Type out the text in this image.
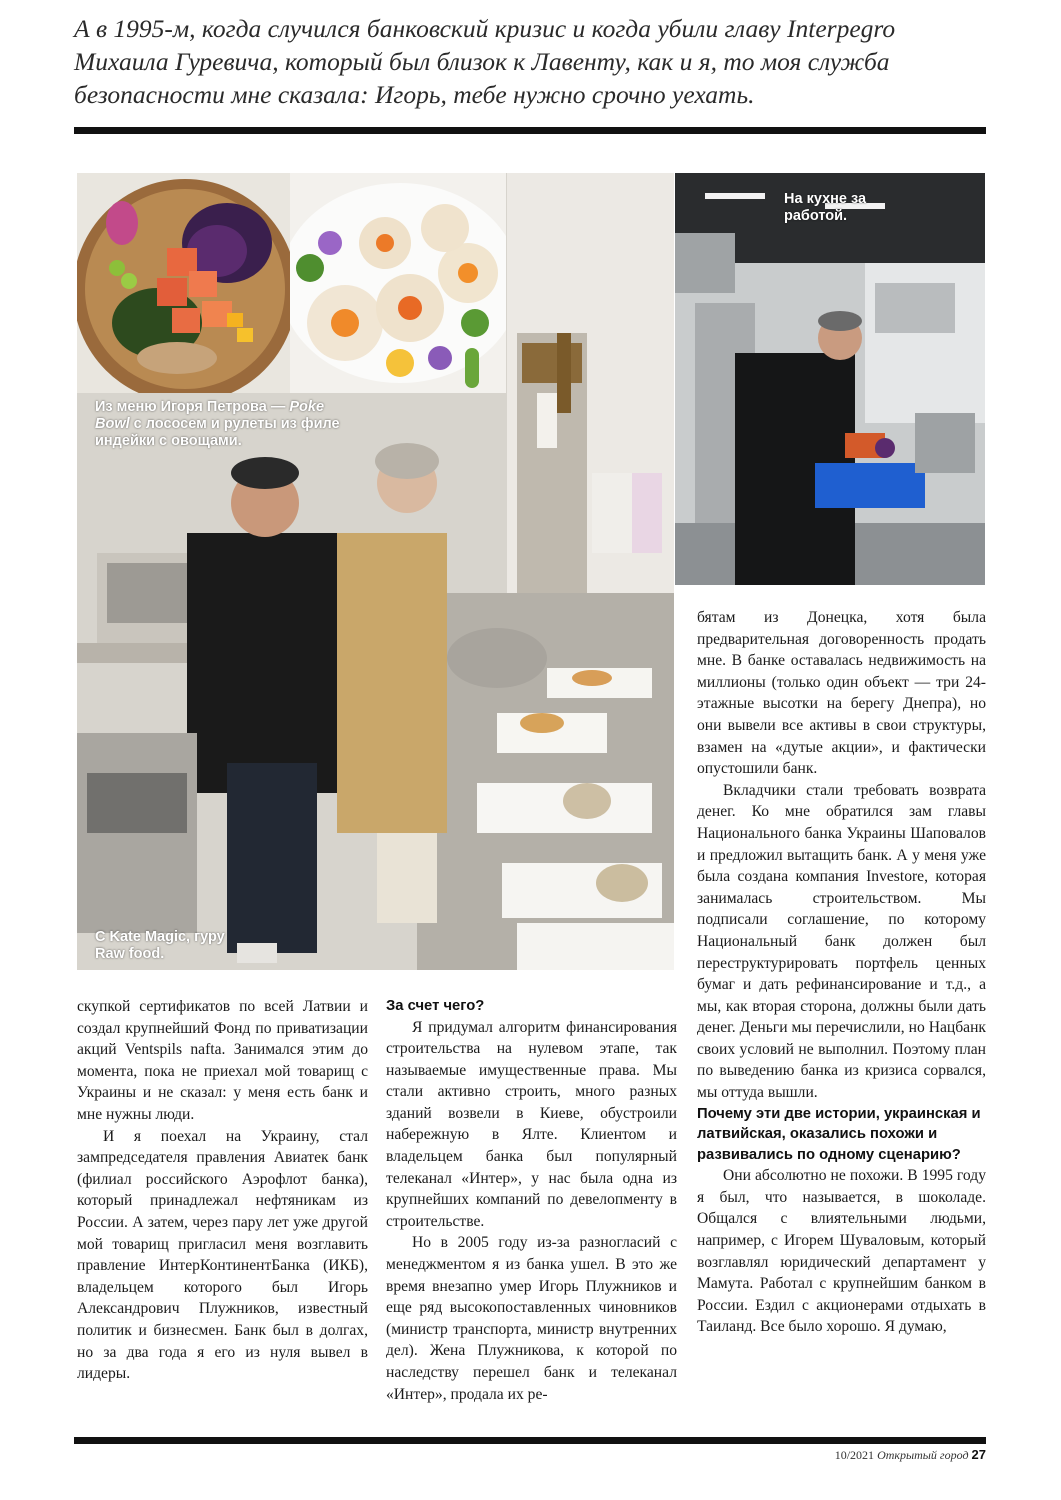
А в 1995-м, когда случился банковский кризис и когда убили главу Interpegro
Михаила Гуревича, который был близок к Лавенту, как и я, то моя служба
безопасности мне сказала: Игорь, тебе нужно срочно уехать.
Из меню Игоря Петрова — Poke
Bowl с лососем и рулеты из филе
индейки с овощами.
На кухне за
работой.
С Kate Magic, гуру
Raw food.

скупкой сертификатов по всей Латвии и создал крупнейший Фонд по приватизации акций Ventspils nafta. Занимался этим до момента, пока не приехал мой товарищ с Украины и не сказал: у меня есть банк и мне нужны люди.

И я поехал на Украину, стал зампредседателя правления Авиатек банк (филиал российского Аэрофлот банка), который принадлежал нефтяникам из России. А затем, через пару лет уже другой мой товарищ пригласил меня возглавить правление ИнтерКонтинентБанка (ИКБ), владельцем которого был Игорь Александрович Плужников, известный политик и бизнесмен. Банк был в долгах, но за два года я его из нуля вывел в лидеры.

За счет чего?

Я придумал алгоритм финансирования строительства на нулевом этапе, так называемые имущественные права. Мы стали активно строить, много разных зданий возвели в Киеве, обустроили набережную в Ялте. Клиентом и владельцем банка был популярный телеканал «Интер», у нас была одна из крупнейших компаний по девелопменту в строительстве.

Но в 2005 году из-за разногласий с менеджментом я из банка ушел. В это же время внезапно умер Игорь Плужников и еще ряд высокопоставленных чиновников (министр транспорта, министр внутренних дел). Жена Плужникова, к которой по наследству перешел банк и телеканал «Интер», продала их ре-

бятам из Донецка, хотя была предварительная договоренность продать мне. В банке оставалась недвижимость на миллионы (только один объект — три 24-этажные высотки на берегу Днепра), но они вывели все активы в свои структуры, взамен на «дутые акции», и фактически опустошили банк.

Вкладчики стали требовать возврата денег. Ко мне обратился зам главы Национального банка Украины Шаповалов и предложил вытащить банк. А у меня уже была создана компания Investore, которая занималась строительством. Мы подписали соглашение, по которому Национальный банк должен был переструктурировать портфель ценных бумаг и дать рефинансирование и т.д., а мы, как вторая сторона, должны были дать денег. Деньги мы перечислили, но Нацбанк своих условий не выполнил. Поэтому план по выведению банка из кризиса сорвался, мы оттуда вышли.

Почему эти две истории, украинская и латвийская, оказались похожи и развивались по одному сценарию?

Они абсолютно не похожи. В 1995 году я был, что называется, в шоколаде. Общался с влиятельными людьми, например, с Игорем Шуваловым, который возглавлял юридический департамент у Мамута. Работал с крупнейшим банком в России. Ездил с акционерами отдыхать в Таиланд. Все было хорошо. Я думаю,

10/2021 Открытый город 27
